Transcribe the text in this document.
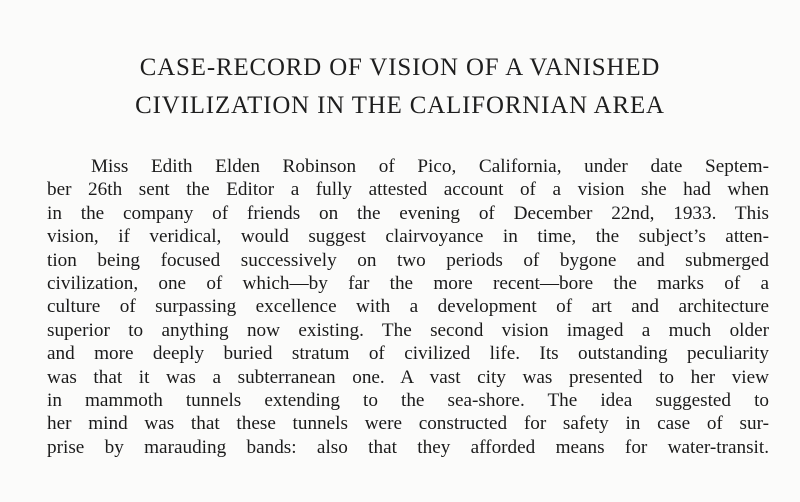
CASE-RECORD OF VISION OF A VANISHED
CIVILIZATION IN THE CALIFORNIAN AREA
Miss Edith Elden Robinson of Pico, California, under date Septem-
ber 26th sent the Editor a fully attested account of a vision she had when
in the company of friends on the evening of December 22nd, 1933. This
vision, if veridical, would suggest clairvoyance in time, the subject’s atten-
tion being focused successively on two periods of bygone and submerged
civilization, one of which—by far the more recent—bore the marks of a
culture of surpassing excellence with a development of art and architecture
superior to anything now existing. The second vision imaged a much older
and more deeply buried stratum of civilized life. Its outstanding peculiarity
was that it was a subterranean one. A vast city was presented to her view
in mammoth tunnels extending to the sea-shore. The idea suggested to
her mind was that these tunnels were constructed for safety in case of sur-
prise by marauding bands: also that they afforded means for water-transit.
